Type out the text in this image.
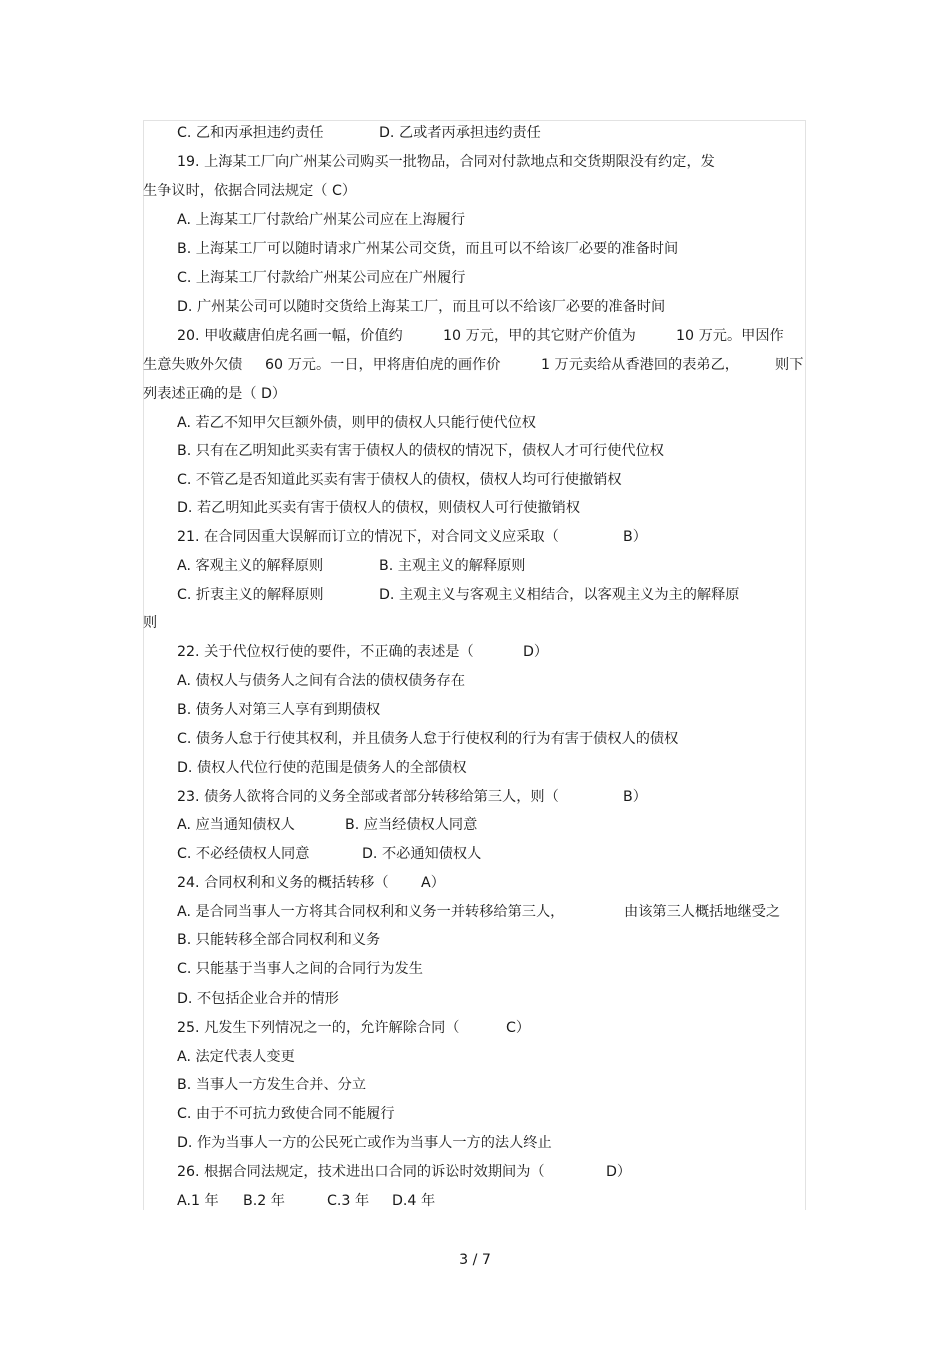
C. 乙和丙承担违约责任	D. 乙或者丙承担违约责任
19. 上海某工厂向广州某公司购买一批物品，合同对付款地点和交货期限没有约定，发
生争议时，依据合同法规定（ C）
A. 上海某工厂付款给广州某公司应在上海履行
B. 上海某工厂可以随时请求广州某公司交货，而且可以不给该厂必要的准备时间
C. 上海某工厂付款给广州某公司应在广州履行
D. 广州某公司可以随时交货给上海某工厂，而且可以不给该厂必要的准备时间
20. 甲收藏唐伯虎名画一幅，价值约	10 万元，甲的其它财产价值为	10 万元。甲因作
生意失败外欠债 60 万元。一日，甲将唐伯虎的画作价	1 万元卖给从香港回的表弟乙，	则下
列表述正确的是（ D）
A. 若乙不知甲欠巨额外债，则甲的债权人只能行使代位权
B. 只有在乙明知此买卖有害于债权人的债权的情况下，债权人才可行使代位权
C. 不管乙是否知道此买卖有害于债权人的债权，债权人均可行使撤销权
D. 若乙明知此买卖有害于债权人的债权，则债权人可行使撤销权
21. 在合同因重大误解而订立的情况下，对合同文义应采取（	B）
A. 客观主义的解释原则	B. 主观主义的解释原则
C. 折衷主义的解释原则	D. 主观主义与客观主义相结合，以客观主义为主的解释原
则
22. 关于代位权行使的要件，不正确的表述是（	D）
A. 债权人与债务人之间有合法的债权债务存在
B. 债务人对第三人享有到期债权
C. 债务人怠于行使其权利，并且债务人怠于行使权利的行为有害于债权人的债权
D. 债权人代位行使的范围是债务人的全部债权
23. 债务人欲将合同的义务全部或者部分转移给第三人，则（	B）
A. 应当通知债权人	B. 应当经债权人同意
C. 不必经债权人同意	D. 不必通知债权人
24. 合同权利和义务的概括转移（ A）
A. 是合同当事人一方将其合同权利和义务一并转移给第三人，	由该第三人概括地继受之
B. 只能转移全部合同权利和义务
C. 只能基于当事人之间的合同行为发生
D. 不包括企业合并的情形
25. 凡发生下列情况之一的，允许解除合同（	C）
A. 法定代表人变更
B. 当事人一方发生合并、分立
C. 由于不可抗力致使合同不能履行
D. 作为当事人一方的公民死亡或作为当事人一方的法人终止
26. 根据合同法规定，技术进出口合同的诉讼时效期间为（	D）
A.1 年 B.2 年	C.3 年 D.4 年
3 / 7
